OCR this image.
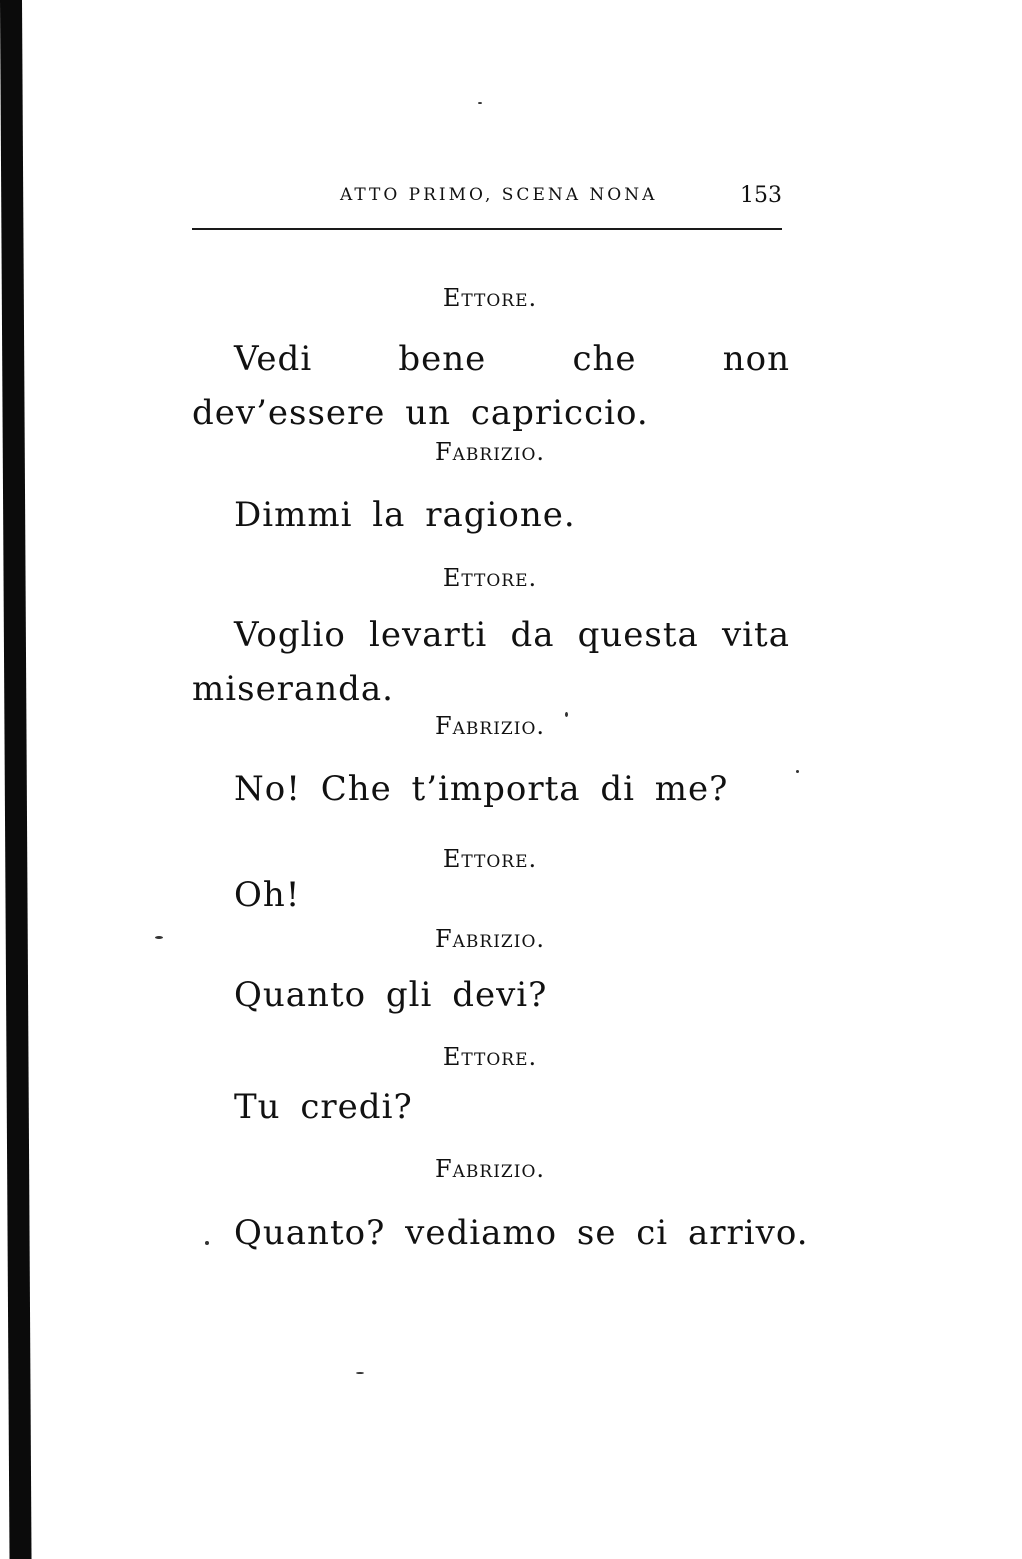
ATTO PRIMO, SCENA NONA	153
Ettore.
Vedi bene che non dev’essere un capriccio.
Fabrizio.
Dimmi la ragione.
Ettore.
Voglio levarti da questa vita miseranda.
Fabrizio.
No! Che t’importa di me?
Ettore.
Oh!
Fabrizio.
Quanto gli devi?
Ettore.
Tu credi?
Fabrizio.
Quanto? vediamo se ci arrivo.
